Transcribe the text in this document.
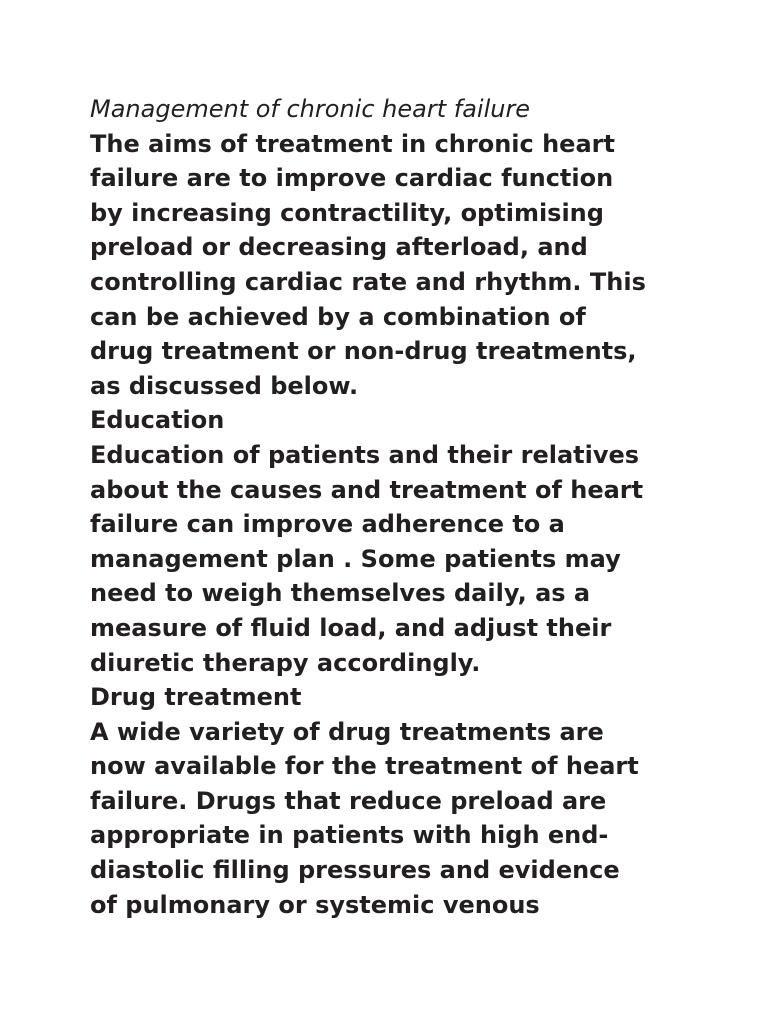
Management of chronic heart failure

The aims of treatment in chronic heart
failure are to improve cardiac function
by increasing contractility, optimising
preload or decreasing afterload, and
controlling cardiac rate and rhythm. This
can be achieved by a combination of
drug treatment or non-drug treatments,
as discussed below.
Education
Education of patients and their relatives
about the causes and treatment of heart
failure can improve adherence to a
management plan . Some patients may
need to weigh themselves daily, as a
measure of fluid load, and adjust their
diuretic therapy accordingly.
Drug treatment
A wide variety of drug treatments are
now available for the treatment of heart
failure. Drugs that reduce preload are
appropriate in patients with high end-
diastolic filling pressures and evidence
of pulmonary or systemic venous
